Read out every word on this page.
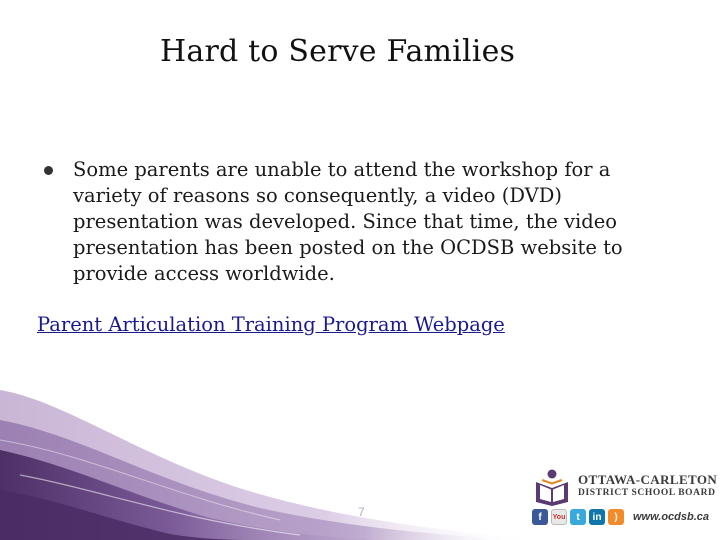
Hard to Serve Families
Some parents are unable to attend the workshop for a variety of reasons so consequently, a video (DVD) presentation was developed. Since that time, the video presentation has been posted on the OCDSB website to provide access worldwide.
Parent Articulation Training Program Webpage
7
OTTAWA-CARLETON
DISTRICT SCHOOL BOARD
f	You	t	in	)	www.ocdsb.ca
